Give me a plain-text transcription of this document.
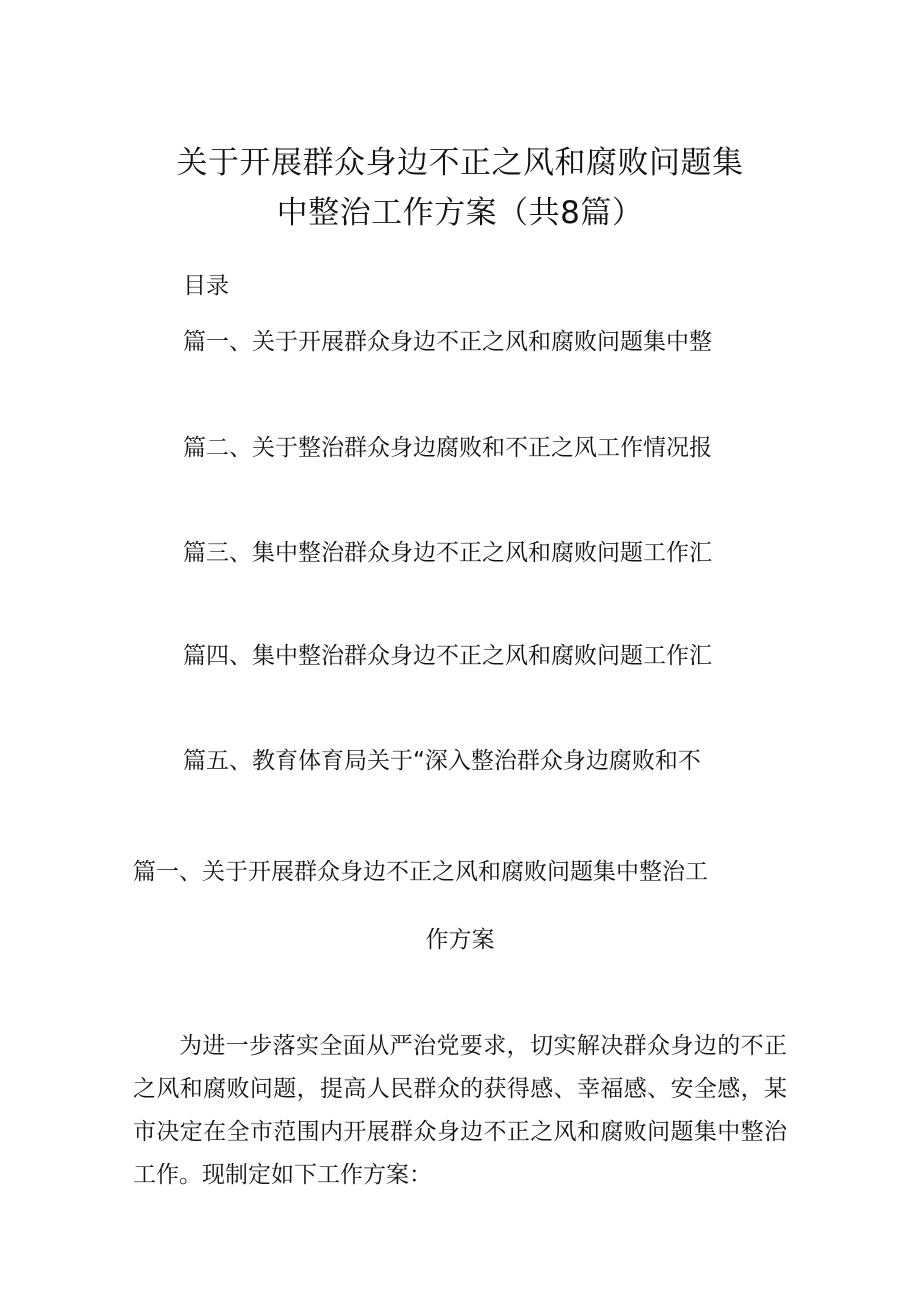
关于开展群众身边不正之风和腐败问题集
中整治工作方案（共8篇）
目录
篇一、关于开展群众身边不正之风和腐败问题集中整
篇二、关于整治群众身边腐败和不正之风工作情况报
篇三、集中整治群众身边不正之风和腐败问题工作汇
篇四、集中整治群众身边不正之风和腐败问题工作汇
篇五、教育体育局关于“深入整治群众身边腐败和不
篇一、关于开展群众身边不正之风和腐败问题集中整治工
作方案
为进一步落实全面从严治党要求，切实解决群众身边的不正之风和腐败问题，提高人民群众的获得感、幸福感、安全感，某市决定在全市范围内开展群众身边不正之风和腐败问题集中整治工作。现制定如下工作方案：
